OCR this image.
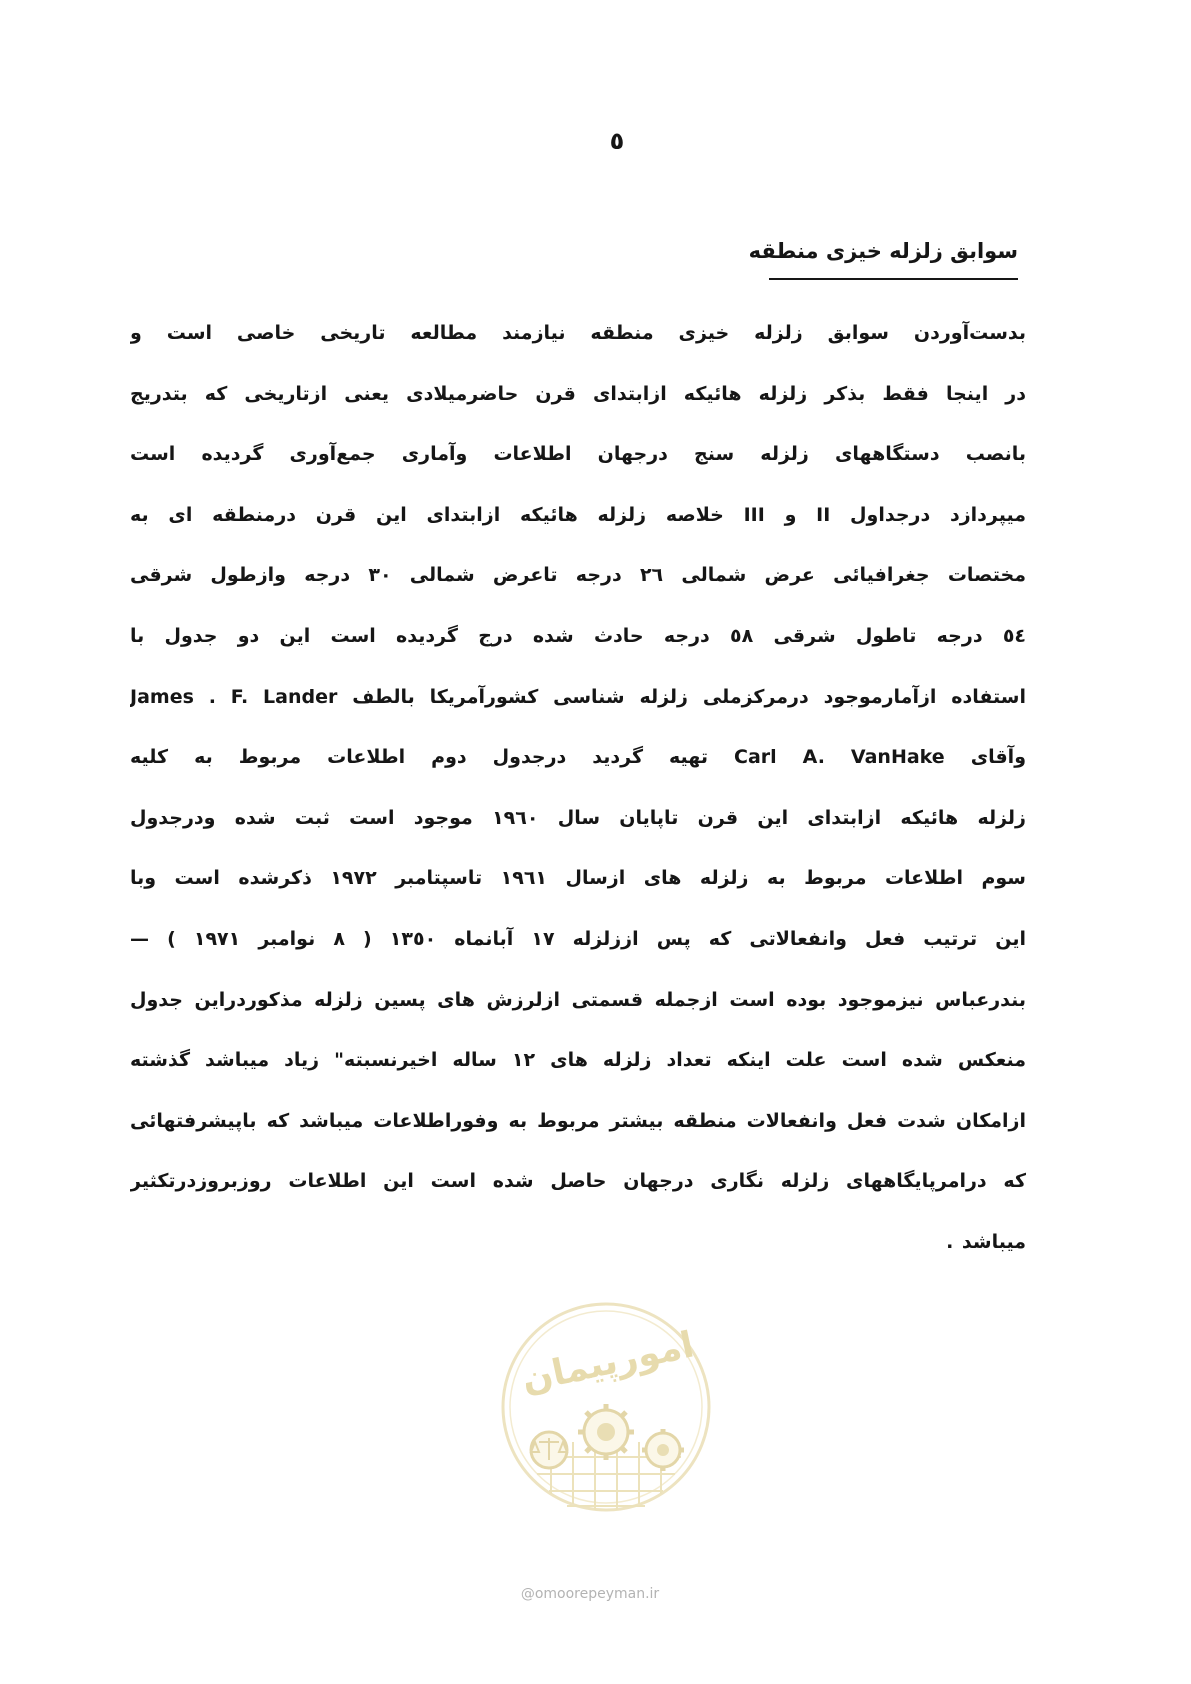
٥
سوابق زلزله خیزی منطقه
بدست‌آوردن سوابق زلزله خیزی منطقه نیازمند مطالعه تاریخی خاصی است و
در اینجا فقط بذکر زلزله هائیکه ازابتدای قرن حاضرمیلادی یعنی ازتاریخی که بتدریج
بانصب دستگاههای زلزله سنج درجهان اطلاعات وآماری جمع‌آوری گردیده است
میپردازد درجداول II و III خلاصه زلزله هائیکه ازابتدای این قرن درمنطقه ای به
مختصات جغرافیائی عرض شمالی ٢٦ درجه تاعرض شمالی ٣٠ درجه وازطول شرقی
٥٤ درجه تاطول شرقی ٥٨ درجه حادث شده درج گردیده است این دو جدول با
استفاده ازآمارموجود درمرکزملی زلزله شناسی کشورآمریکا بالطف James . F. Lander
وآقای Carl A. VanHake تهیه گردید درجدول دوم اطلاعات مربوط به کلیه
زلزله هائیکه ازابتدای این قرن تاپایان سال ١٩٦٠ موجود است ثبت شده ودرجدول
سوم اطلاعات مربوط به زلزله های ازسال ١٩٦١ تاسپتامبر ١٩٧٢ ذکرشده است وبا
این ترتیب فعل وانفعالاتی که پس اززلزله ١٧ آبانماه ١٣٥٠ ( ٨ نوامبر ١٩٧١ ) —
بندرعباس نیزموجود بوده است ازجمله قسمتی ازلرزش های پسین زلزله مذکوردراین جدول
منعکس شده است علت اینکه تعداد زلزله های ١٢ ساله اخیرنسبته" زیاد میباشد گذشته
ازامکان شدت فعل وانفعالات منطقه بیشتر مربوط به وفوراطلاعات میباشد که باپیشرفتهائی
که درامرپایگاههای زلزله نگاری درجهان حاصل شده است این اطلاعات روزبروزدرتکثیر
میباشد .
امورپیمان
@omoorepeyman.ir
